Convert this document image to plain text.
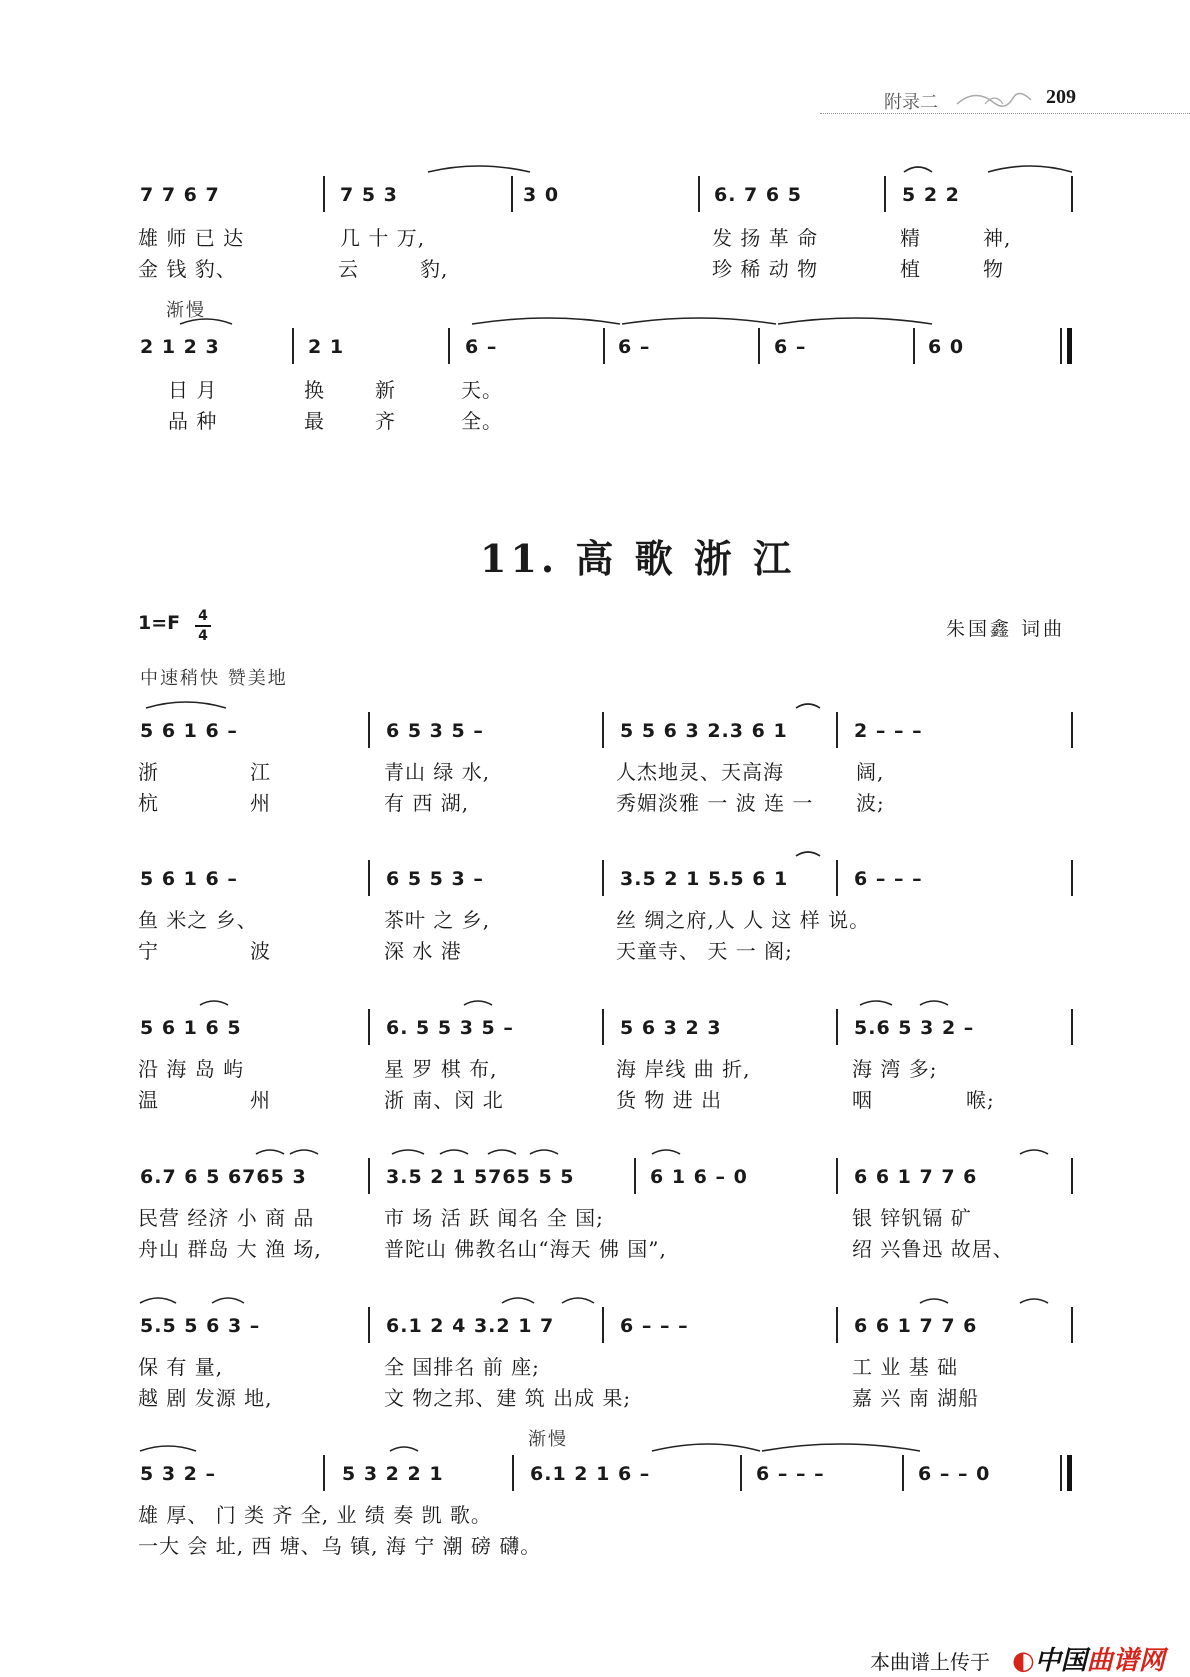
附录二	209
7 7 6 7	7 5 3	3 0	6. 7 6 5	5 2 2
雄 师 已 达	几 十 万,	发 扬 革 命	精	神,
金 钱 豹、	云	豹,	珍 稀 动 物	植	物
渐慢
2 1 2 3	2 1	6 –	6 –	6 –	6 0
日 月	换	新	天。
品 种	最	齐	全。
11. 高 歌 浙 江
1=F 4
4	朱国鑫 词曲
中速稍快 赞美地
5 6 1 6 –	6 5 3 5 –	5 5 6 3 2.3 6 1	2 – – –
浙	江	青山 绿 水,	人杰地灵、天高海	阔,
杭	州	有 西 湖,	秀媚淡雅 一 波 连 一 波;
5 6 1 6 –	6 5 5 3 –	3.5 2 1 5.5 6 1	6 – – –
鱼 米之 乡、	茶叶 之 乡,	丝 绸之府,人 人 这 样 说。
宁	波	深 水 港	天童寺、 天 一 阁;
5 6 1 6 5	6. 5 5 3 5 –	5 6 3 2 3	5.6 5 3 2 –
沿 海 岛 屿	星 罗 棋 布,	海 岸线 曲 折,	海 湾 多;
温	州	浙 南、闵 北	货 物 进 出	咽	喉;
6.7 6 5 6765 3	3.5 2 1 5765 5 5	6 1 6 – 0	6 6 1 7 7 6
民营 经济 小 商 品	市 场 活 跃 闻名 全 国;	银 锌钒镉 矿
舟山 群岛 大 渔 场,	普陀山 佛教名山“海天 佛 国”,	绍 兴鲁迅 故居、
5.5 5 6 3 –	6.1 2 4 3.2 1 7	6 – – –	6 6 1 7 7 6
保 有 量,	全 国排名 前 座;	工 业 基 础
越 剧 发源 地,	文 物之邦、建 筑 出成 果;	嘉 兴 南 湖船
渐慢
5 3 2 –	5 3 2 2 1	6.1 2 1 6 –	6 – – –	6 – – 0
雄 厚、 门 类 齐 全, 业 绩 奏 凯 歌。
一大 会 址, 西 塘、乌 镇, 海 宁 潮 磅 礴。
本曲谱上传于 ◐中国曲谱网
